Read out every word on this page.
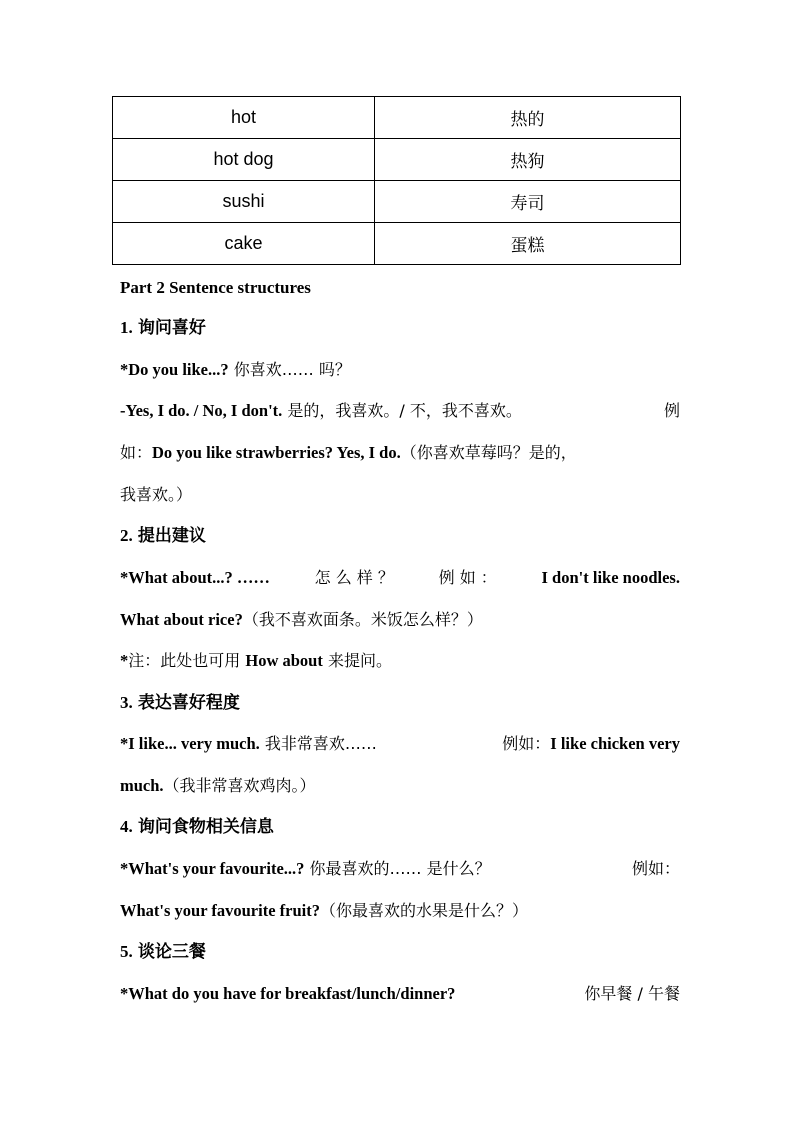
hot	热的
hot dog	热狗
sushi	寿司
cake	蛋糕
Part 2 Sentence structures
1. 询问喜好
*Do you like...? 你喜欢…… 吗？
-Yes, I do. / No, I don't. 是的，我喜欢。/ 不，我不喜欢。	例
如：Do you like strawberries? Yes, I do.（你喜欢草莓吗？是的，
我喜欢。）
2. 提出建议
*What about...? ……	怎 么 样 ？	例 如 ：	I don't like noodles.
What about rice?（我不喜欢面条。米饭怎么样？）
*注：此处也可用 How about 来提问。
3. 表达喜好程度
*I like... very much. 我非常喜欢……	例如：I like chicken very
much.（我非常喜欢鸡肉。）
4. 询问食物相关信息
*What's your favourite...? 你最喜欢的…… 是什么？	例如：
What's your favourite fruit?（你最喜欢的水果是什么？）
5. 谈论三餐
*What do you have for breakfast/lunch/dinner?	你早餐 / 午餐
